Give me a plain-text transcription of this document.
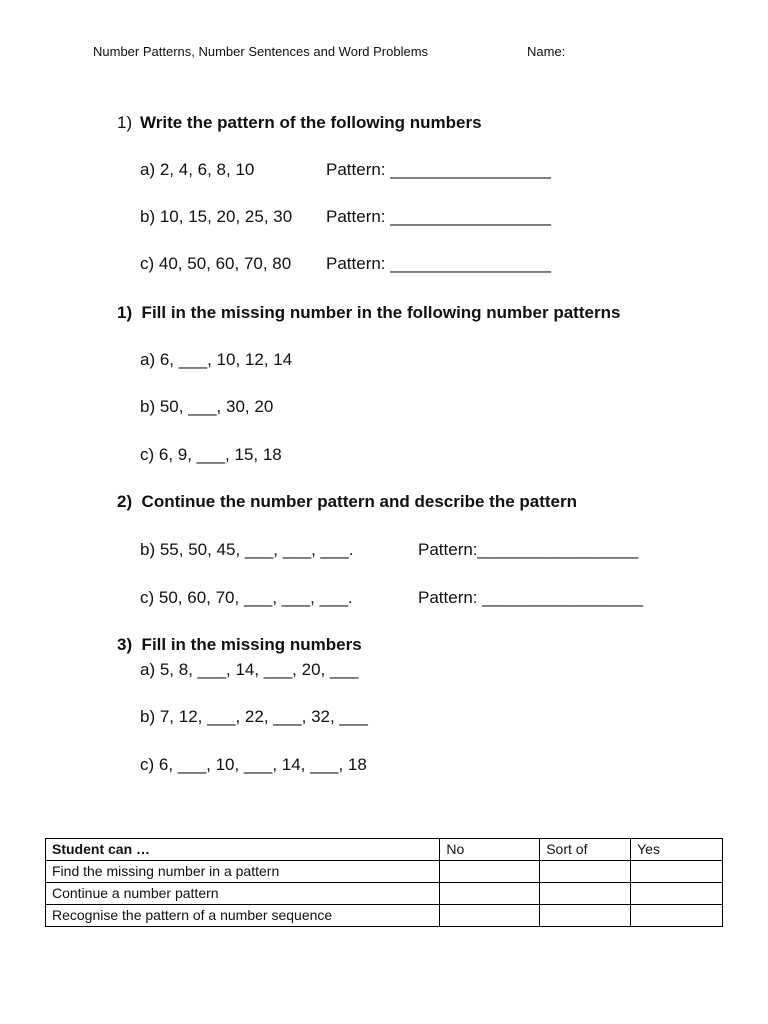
Number Patterns, Number Sentences and Word Problems	Name:
1) Write the pattern of the following numbers
a) 2, 4, 6, 8, 10	Pattern: _________________
b) 10, 15, 20, 25, 30 Pattern: _________________
c) 40, 50, 60, 70, 80 Pattern: _________________
1)  Fill in the missing number in the following number patterns
a) 6, ___, 10, 12, 14
b) 50, ___, 30, 20
c) 6, 9, ___, 15, 18
2)  Continue the number pattern and describe the pattern
b) 55, 50, 45, ___, ___, ___.	Pattern:_________________
c) 50, 60, 70, ___, ___, ___.	Pattern: _________________
3)  Fill in the missing numbers
a) 5, 8, ___, 14, ___, 20, ___
b) 7, 12, ___, 22, ___, 32, ___
c) 6, ___, 10, ___, 14, ___, 18
Student can …	No	Sort of	Yes
Find the missing number in a pattern			
Continue a number pattern			
Recognise the pattern of a number sequence			
